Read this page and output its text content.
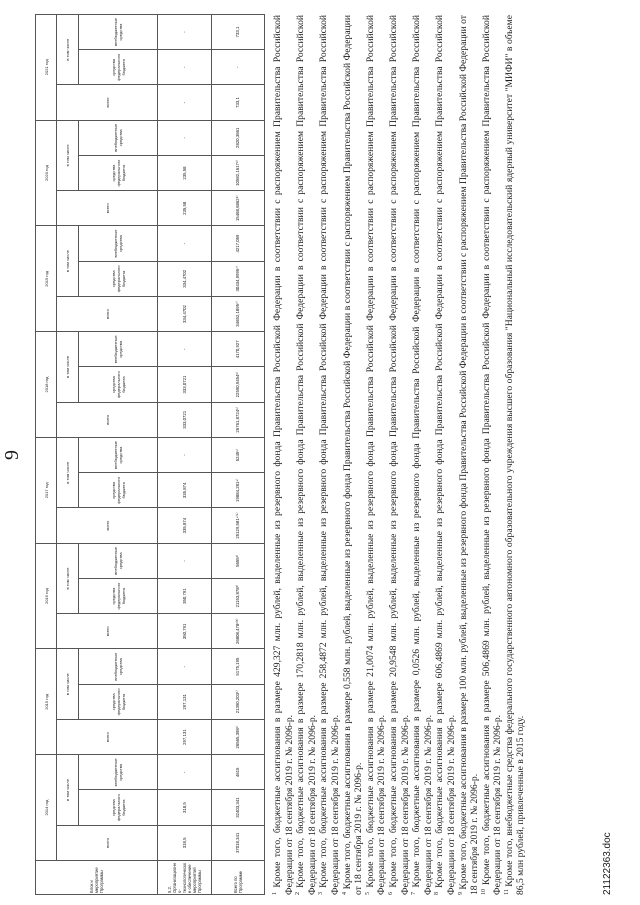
9
Блок и мероприятие Программы	2014 год			2015 год			2016 год			2017 год			2018 год			2019 год			2020 год			2021 год		
	всего	в том числе		всего	в том числе		всего	в том числе		всего	в том числе		всего	в том числе		всего	в том числе		всего	в том числе		всего	в том числе	
		средства федерального бюджета	внебюджетные средства		средства федерального бюджета	внебюджетные средства		средства федерального бюджета	внебюджетные средства		средства федерального бюджета	внебюджетные средства		средства федерального бюджета	внебюджетные средства		средства федерального бюджета	внебюджетные средства		средства федерального бюджета	внебюджетные средства		средства федерального бюджета	внебюджетные средства
5.2. Организационно-технологическое обеспечение мероприятий Программы	318,5	318,5	-	297,131	297,131	-	350,791	350,791	-	335,874	335,874	-	333,0721	333,0721	-	334,4702	334,4702	-	235,58	235,58	-	-	-	-
Всего по Программе	37018,341	32403,341	4615	26565,398¹⁾	21390,203¹⁾	5175,195	26808,478²⁾³⁾	21153,878³⁾	5655³⁾	25129,581⁴⁾⁵⁾	19884,281⁴⁾	5245⁵⁾	26761,8724⁶⁾	22590,9454⁶⁾	4170,927	34652,1895⁷⁾	30434,9995⁷⁾	4217,059	15468,6862⁸⁾	10582,1617⁸⁾	2820,3661	733,1	-	733,1

$^1$ Кроме того, бюджетные ассигнования в размере 429,327 млн. рублей, выделенные из резервного фонда Правительства Российской Федерации в соответствии с распоряжением Правительства Российской Федерации от 18 сентября 2019 г. № 2096-р. $^2$ Кроме того, бюджетные ассигнования в размере 170,2818 млн. рублей, выделенные из резервного фонда Правительства Российской Федерации в соответствии с распоряжением Правительства Российской Федерации от 18 сентября 2019 г. № 2096-р. $^3$ Кроме того, бюджетные ассигнования в размере 258,4872 млн. рублей, выделенные из резервного фонда Правительства Российской Федерации в соответствии с распоряжением Правительства Российской Федерации от 18 сентября 2019 г. № 2096-р. $^4$ Кроме того, бюджетные ассигнования в размере 0,558 млн. рублей, выделенные из резервного фонда Правительства Российской Федерации в соответствии с распоряжением Правительства Российской Федерации от 18 сентября 2019 г. № 2096-р. $^5$ Кроме того, бюджетные ассигнования в размере 21,0074 млн. рублей, выделенные из резервного фонда Правительства Российской Федерации в соответствии с распоряжением Правительства Российской Федерации от 18 сентября 2019 г. № 2096-р. $^6$ Кроме того, бюджетные ассигнования в размере 20,9548 млн. рублей, выделенные из резервного фонда Правительства Российской Федерации в соответствии с распоряжением Правительства Российской Федерации от 18 сентября 2019 г. № 2096-р. $^7$ Кроме того, бюджетные ассигнования в размере 0,0526 млн. рублей, выделенные из резервного фонда Правительства Российской Федерации в соответствии с распоряжением Правительства Российской Федерации от 18 сентября 2019 г. № 2096-р. $^8$ Кроме того, бюджетные ассигнования в размере 606,4869 млн. рублей, выделенные из резервного фонда Правительства Российской Федерации в соответствии с распоряжением Правительства Российской Федерации от 18 сентября 2019 г. № 2096-р. $^9$ Кроме того, бюджетные ассигнования в размере 100 млн. рублей, выделенные из резервного фонда Правительства Российской Федерации в соответствии с распоряжением Правительства Российской Федерации от 18 сентября 2019 г. № 2096-р. $^{10}$ Кроме того, бюджетные ассигнования в размере 506,4869 млн. рублей, выделенные из резервного фонда Правительства Российской Федерации в соответствии с распоряжением Правительства Российской Федерации от 18 сентября 2019 г. № 2096-р. $^{11}$ Кроме того, внебюджетные средства федерального государственного автономного образовательного учреждения высшего образования "Национальный исследовательский ядерный университет "МИФИ" в объеме 86,5 млн рублей, привлеченные в 2015 году.	21122363.doc
